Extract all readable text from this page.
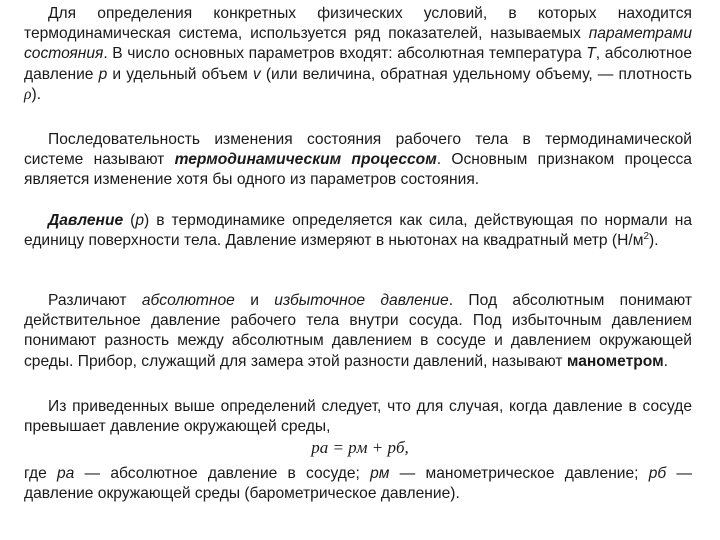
Для определения конкретных физических условий, в которых находится термодинамическая система, используется ряд показателей, называемых параметрами состояния. В число основных параметров входят: абсолютная температура T, абсолютное давление p и удельный объем v (или величина, обратная удельному объему, — плотность ρ).
Последовательность изменения состояния рабочего тела в термодинамической системе называют термодинамическим процессом. Основным признаком процесса является изменение хотя бы одного из параметров состояния.
Давление (p) в термодинамике определяется как сила, действующая по нормали на единицу поверхности тела. Давление измеряют в ньютонах на квадратный метр $(Н/м^2)$.
Различают абсолютное и избыточное давление. Под абсолютным понимают действительное давление рабочего тела внутри сосуда. Под избыточным давлением понимают разность между абсолютным давлением в сосуде и давлением окружающей среды. Прибор, служащий для замера этой разности давлений, называют манометром.
Из приведенных выше определений следует, что для случая, когда давление в сосуде превышает давление окружающей среды,
pa = pм + pб,
где pa — абсолютное давление в сосуде; pм — манометрическое давление; pб — давление окружающей среды (барометрическое давление).
